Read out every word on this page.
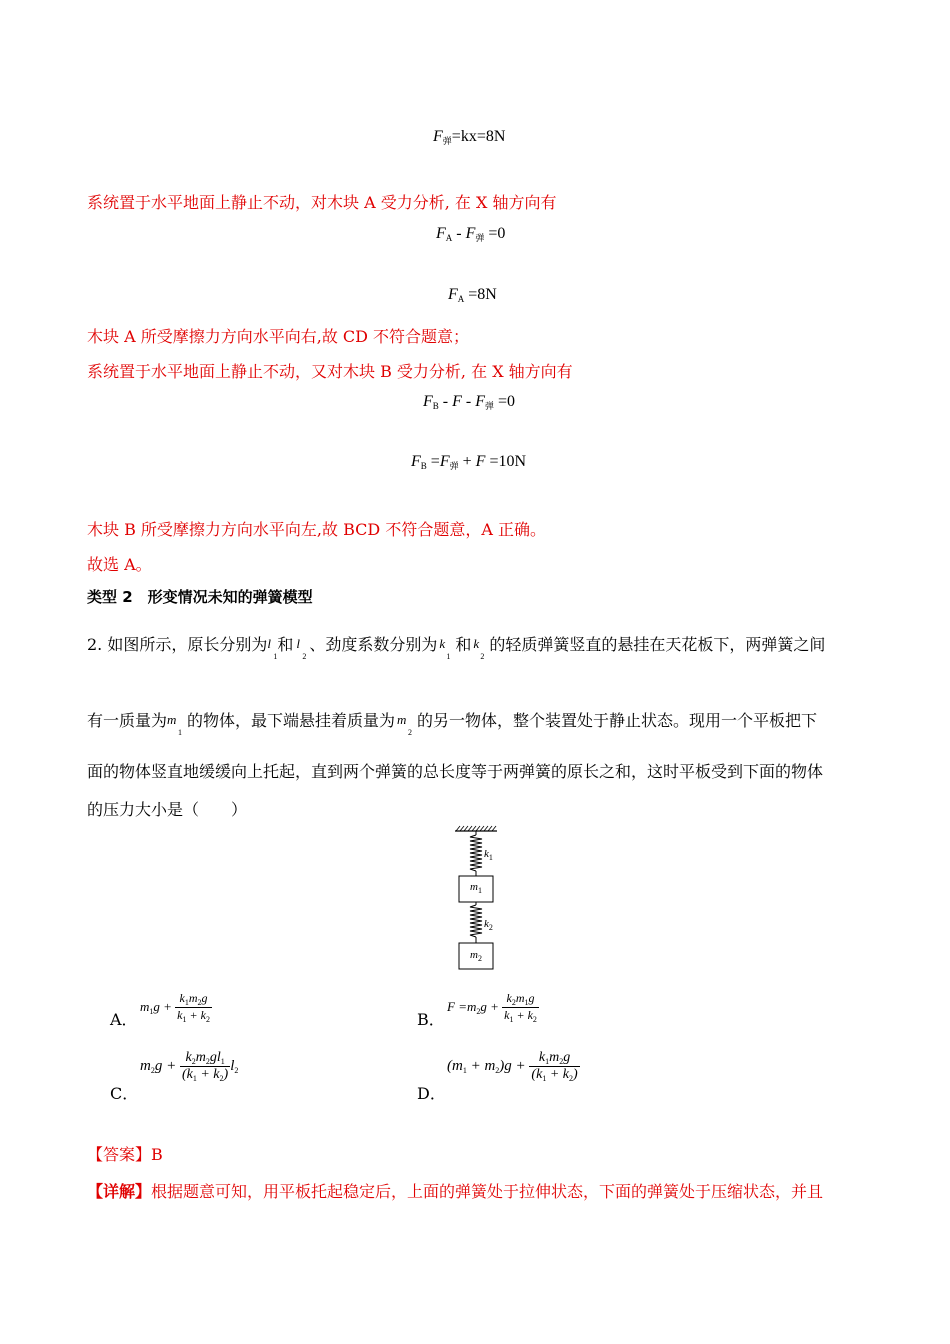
$F_弹=kx=8N$
系统置于水平地面上静止不动，对木块 A 受力分析, 在 X 轴方向有
$F_A - F_弹 =0$
$F_A =8N$
木块 A 所受摩擦力方向水平向右,故 CD 不符合题意；
系统置于水平地面上静止不动，又对木块 B 受力分析, 在 X 轴方向有
$F_B - F - F_弹 =0$
$F_B =F_弹 + F =10N$
木块 B 所受摩擦力方向水平向左,故 BCD 不符合题意，A 正确。
故选 A。
类型 2　形变情况未知的弹簧模型
2. 如图所示，原长分别为 l
$_1$
和 l
$_2$
、劲度系数分别为 k
$_1$
和 k
$_2$
的轻质弹簧竖直的悬挂在天花板下，两弹簧之间
有一质量为 m
$_1$
的物体，最下端悬挂着质量为 m
$_2$
的另一物体，整个装置处于静止状态。现用一个平板把下
面的物体竖直地缓缓向上托起，直到两个弹簧的总长度等于两弹簧的原长之和，这时平板受到下面的物体
的压力大小是（　　）
$k_1$
$m_1$
$k_2$
$m_2$
A．
$m_1g + \frac{k_1m_2g}{k_1 + k_2}$	B．
$F =m_2g + \frac{k_2m_1g}{k_1 + k_2}$
C．
$m_2g + \frac{k_2m_2gl_1}{(k_1 + k_2)} l_2$
D．
$(m_1 + m_2)g + \frac{k_1m_2g}{(k_1 + k_2)}$
【答案】B
【详解】根据题意可知，用平板托起稳定后，上面的弹簧处于拉伸状态，下面的弹簧处于压缩状态，并且
